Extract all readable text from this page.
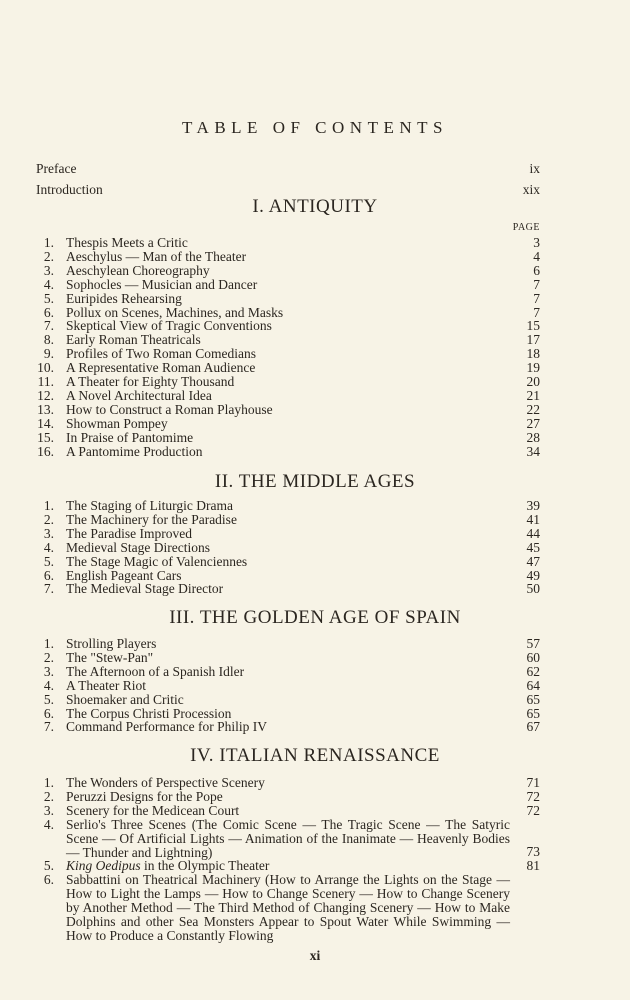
TABLE OF CONTENTS
Preface	ix
Introduction	xix
1. Thespis Meets a Critic	3
2. Aeschylus — Man of the Theater	4
3. Aeschylean Choreography	6
4. Sophocles — Musician and Dancer	7
5. Euripides Rehearsing	7
6. Pollux on Scenes, Machines, and Masks	7
7. Skeptical View of Tragic Conventions	15
8. Early Roman Theatricals	17
9. Profiles of Two Roman Comedians	18
10. A Representative Roman Audience	19
11. A Theater for Eighty Thousand	20
12. A Novel Architectural Idea	21
13. How to Construct a Roman Playhouse	22
14. Showman Pompey	27
15. In Praise of Pantomime	28
16. A Pantomime Production	34
1. The Staging of Liturgic Drama	39
2. The Machinery for the Paradise	41
3. The Paradise Improved	44
4. Medieval Stage Directions	45
5. The Stage Magic of Valenciennes	47
6. English Pageant Cars	49
7. The Medieval Stage Director	50
1. Strolling Players	57
2. The "Stew-Pan"	60
3. The Afternoon of a Spanish Idler	62
4. A Theater Riot	64
5. Shoemaker and Critic	65
6. The Corpus Christi Procession	65
7. Command Performance for Philip IV	67
1. The Wonders of Perspective Scenery	71
2. Peruzzi Designs for the Pope	72
3. Scenery for the Medicean Court	72
4. Serlio's Three Scenes (The Comic Scene — The Tragic Scene — The Satyric Scene — Of Artificial Lights — Animation of the Inanimate — Heavenly Bodies — Thunder and Lightning)	73
5. King Oedipus in the Olympic Theater	81
6. Sabbattini on Theatrical Machinery (How to Arrange the Lights on the Stage — How to Light the Lamps — How to Change Scenery — How to Change Scenery by Another Method — The Third Method of Changing Scenery — How to Make Dolphins and other Sea Monsters Appear to Spout Water While Swimming — How to Produce a Constantly Flowing
xi
PAGE
I. ANTIQUITY
II. THE MIDDLE AGES
III. THE GOLDEN AGE OF SPAIN
IV. ITALIAN RENAISSANCE
